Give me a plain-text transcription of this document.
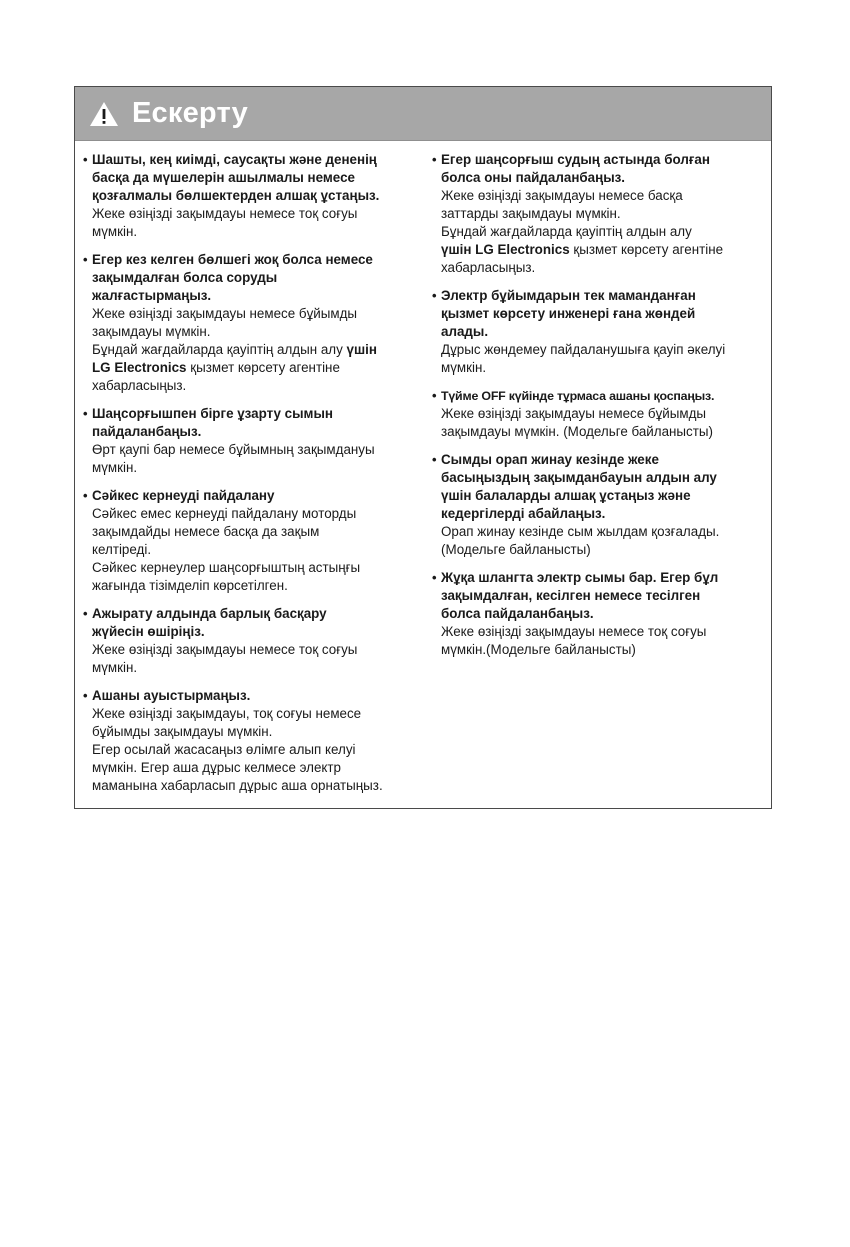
Ескерту
• Шашты, кең киімді, саусақты және дененің
басқа да мүшелерін ашылмалы немесе
қозғалмалы бөлшектерден алшақ ұстаңыз.
Жеке өзіңізді зақымдауы немесе тоқ соғуы
мүмкін.
• Егер кез келген бөлшегі жоқ болса немесе
зақымдалған болса соруды
жалғастырмаңыз.
Жеке өзіңізді зақымдауы немесе бұйымды
зақымдауы мүмкін.
Бұндай жағдайларда қауіптің алдын алу үшін
LG Electronics қызмет көрсету агентіне
хабарласыңыз.
• Шаңсорғышпен бірге ұзарту сымын
пайдаланбаңыз.
Өрт қаупі бар немесе бұйымның зақымдануы
мүмкін.
• Сәйкес кернеуді пайдалану
Сәйкес емес кернеуді пайдалану моторды
зақымдайды немесе басқа да зақым
келтіреді.
Сәйкес кернеулер шаңсорғыштың астыңғы
жағында тізімделіп көрсетілген.
• Ажырату алдында барлық басқару
жүйесін өшіріңіз.
Жеке өзіңізді зақымдауы немесе тоқ соғуы
мүмкін.
• Ашаны ауыстырмаңыз.
Жеке өзіңізді зақымдауы, тоқ соғуы немесе
бұйымды зақымдауы мүмкін.
Егер осылай жасасаңыз өлімге алып келуі
мүмкін. Егер аша дұрыс келмесе электр
маманына хабарласып дұрыс аша орнатыңыз.
• Егер шаңсорғыш судың астында болған
болса оны пайдаланбаңыз.
Жеке өзіңізді зақымдауы немесе басқа
заттарды зақымдауы мүмкін.
Бұндай жағдайларда қауіптің алдын алу
үшін LG Electronics қызмет көрсету агентіне
хабарласыңыз.
• Электр бұйымдарын тек маманданған
қызмет көрсету инженері ғана жөндей
алады.
Дұрыс жөндемеу пайдаланушыға қауіп әкелуі
мүмкін.
• Түйме OFF күйінде тұрмаса ашаны қоспаңыз.
Жеке өзіңізді зақымдауы немесе бұйымды
зақымдауы мүмкін. (Модельге байланысты)
• Сымды орап жинау кезінде жеке
басыңыздың зақымданбауын алдын алу
үшін балаларды алшақ ұстаңыз және
кедергілерді абайлаңыз.
Орап жинау кезінде сым жылдам қозғалады.
(Модельге байланысты)
• Жұқа шлангта электр сымы бар. Егер бұл
зақымдалған, кесілген немесе тесілген
болса пайдаланбаңыз.
Жеке өзіңізді зақымдауы немесе тоқ соғуы
мүмкін.(Модельге байланысты)
